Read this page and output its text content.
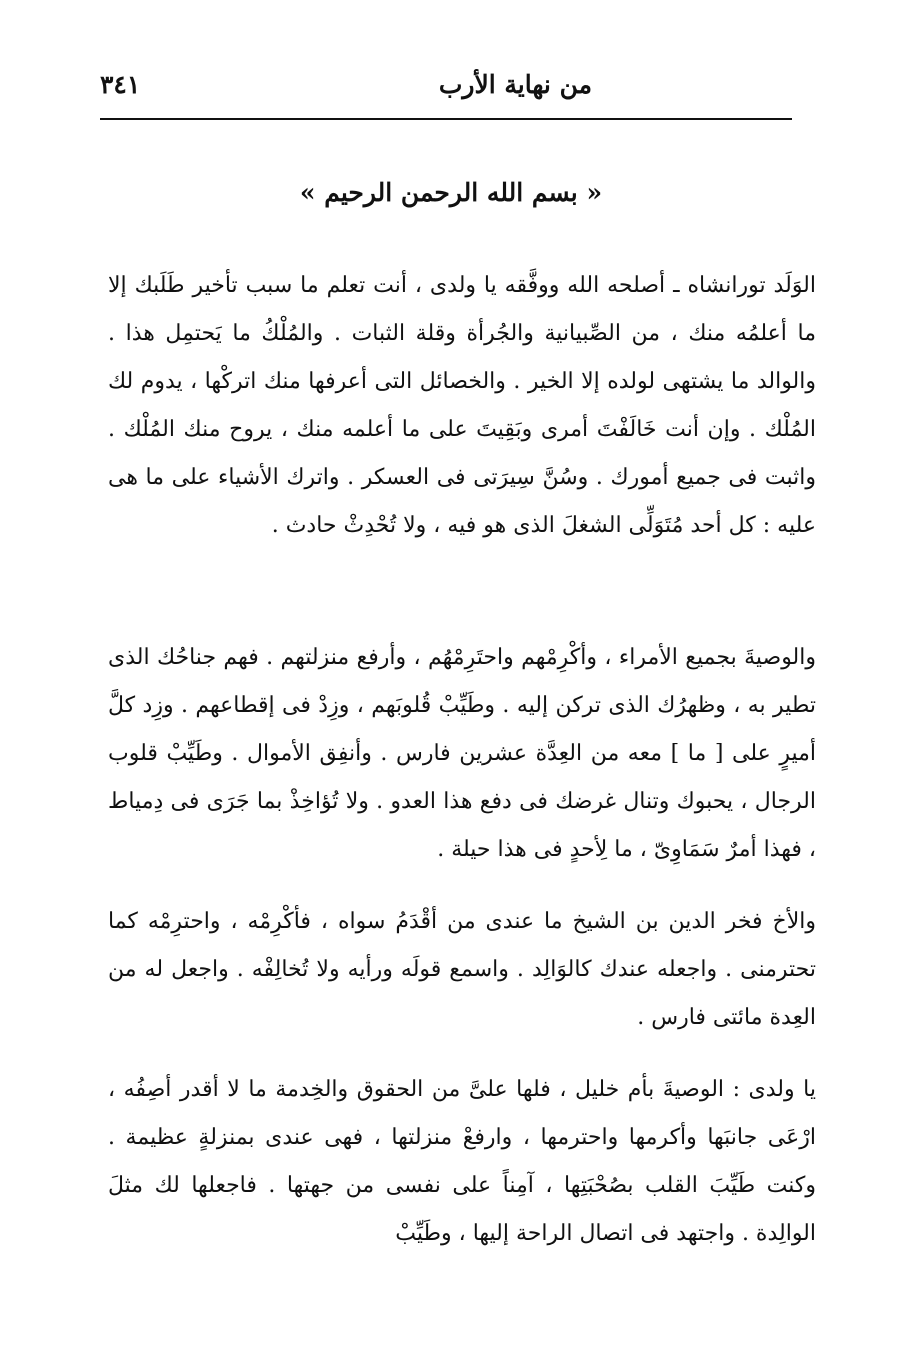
من نهاية الأرب
٣٤١
« بسم الله الرحمن الرحيم »

الوَلَد تورانشاه ـ أصلحه الله ووفَّقه يا ولدى ، أنت تعلم ما سبب تأخير طَلَبك إلا ما أعلمُه منك ، من الصِّبيانية والجُرأة وقلة الثبات . والمُلْكُ ما يَحتمِل هذا . والوالد ما يشتهى لولده إلا الخير . والخصائل التى أعرفها منك اتركْها ، يدوم لك المُلْك . وإن أنت خَالَفْتَ أمرى وبَقِيتَ على ما أعلمه منك ، يروح منك المُلْك . واثبت فى جميع أمورك . وسُنَّ سِيرَتى فى العسكر . واترك الأشياء على ما هى عليه : كل أحد مُتَوَلِّى الشغلَ الذى هو فيه ، ولا تُحْدِثْ حادث .

والوصيةَ بجميع الأمراء ، وأكْرِمْهم واحتَرِمْهُم ، وأرفع منزلتهم . فهم جناحُك الذى تطير به ، وظهرُك الذى تركن إليه . وطَيِّبْ قُلوبَهم ، وزِدْ فى إقطاعهم . وزِد كلَّ أميرٍ على [ ما ] معه من العِدَّة عشرين فارس . وأنفِق الأموال . وطَيِّبْ قلوب الرجال ، يحبوك وتنال غرضك فى دفع هذا العدو . ولا تُؤاخِذْ بما جَرَى فى دِمياط ، فهذا أمرٌ سَمَاوِىّ ، ما لِأحدٍ فى هذا حيلة .

والأخ فخر الدين بن الشيخ ما عندى من أقْدَمُ سواه ، فأكْرِمْه ، واحترِمْه كما تحترمنى . واجعله عندك كالوَالِد . واسمع قولَه ورأيه ولا تُخالِفْه . واجعل له من العِدة مائتى فارس .

يا ولدى : الوصيةَ بأم خليل ، فلها علىَّ من الحقوق والخِدمة ما لا أقدر أصِفُه ، ارْعَى جانبَها وأكرمها واحترمها ، وارفعْ منزلتها ، فهى عندى بمنزلةٍ عظيمة . وكنت طَيِّبَ القلب بصُحْبَتِها ، آمِناً على نفسى من جهتها . فاجعلها لك مثلَ الوالِدة . واجتهد فى اتصال الراحة إليها ، وطَيِّبْ
